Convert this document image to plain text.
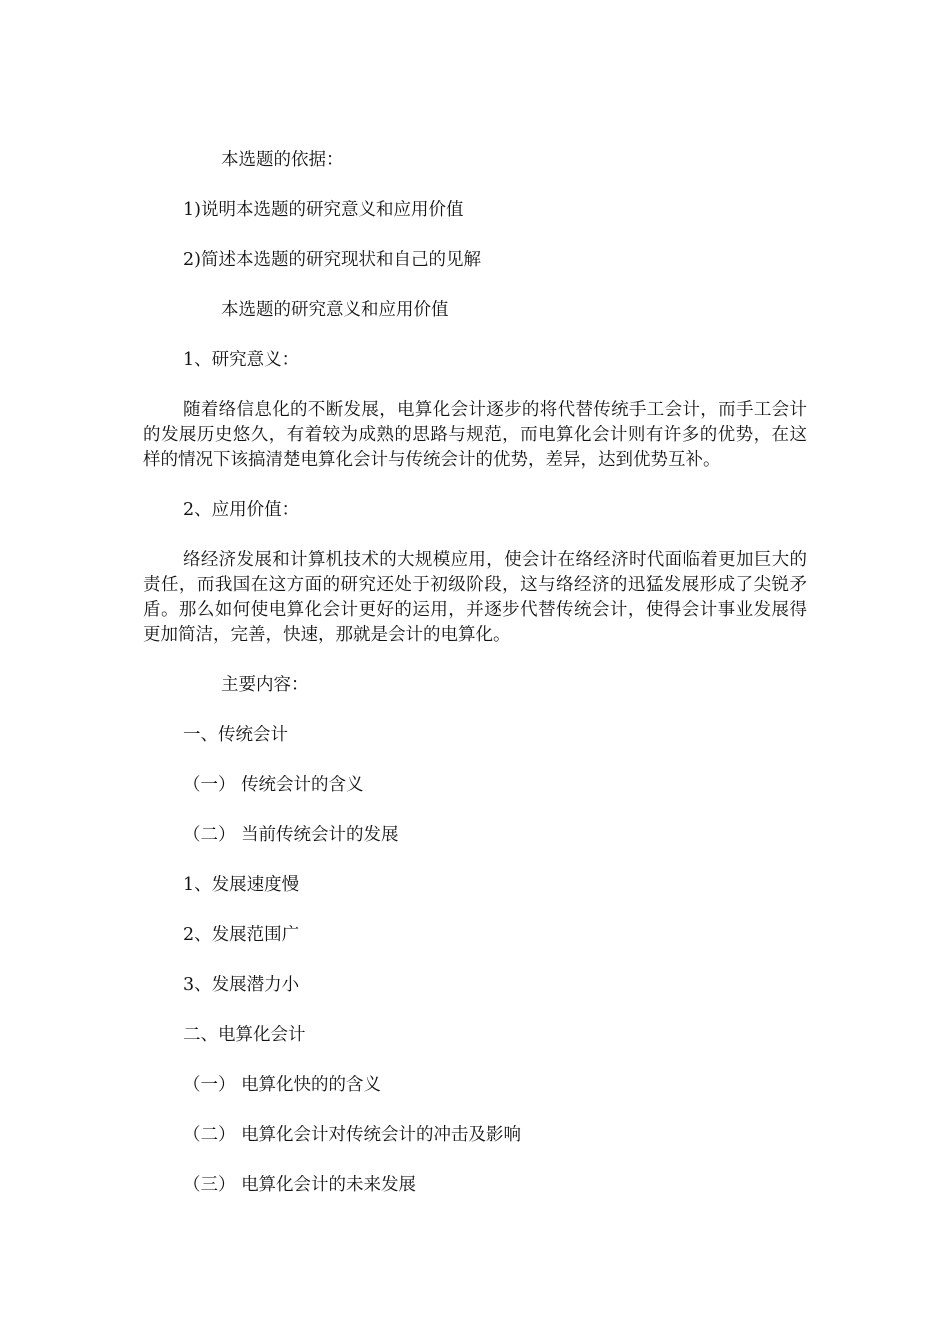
本选题的依据：

1)说明本选题的研究意义和应用价值

2)简述本选题的研究现状和自己的见解

本选题的研究意义和应用价值

1、研究意义：

随着络信息化的不断发展，电算化会计逐步的将代替传统手工会计，而手工会计的发展历史悠久，有着较为成熟的思路与规范，而电算化会计则有许多的优势，在这样的情况下该搞清楚电算化会计与传统会计的优势，差异，达到优势互补。

2、应用价值：

络经济发展和计算机技术的大规模应用，使会计在络经济时代面临着更加巨大的责任，而我国在这方面的研究还处于初级阶段，这与络经济的迅猛发展形成了尖锐矛盾。那么如何使电算化会计更好的运用，并逐步代替传统会计，使得会计事业发展得更加简洁，完善，快速，那就是会计的电算化。

主要内容：

一、传统会计

（一） 传统会计的含义

（二） 当前传统会计的发展

1、发展速度慢

2、发展范围广

3、发展潜力小

二、电算化会计

（一） 电算化快的的含义

（二） 电算化会计对传统会计的冲击及影响

（三） 电算化会计的未来发展
